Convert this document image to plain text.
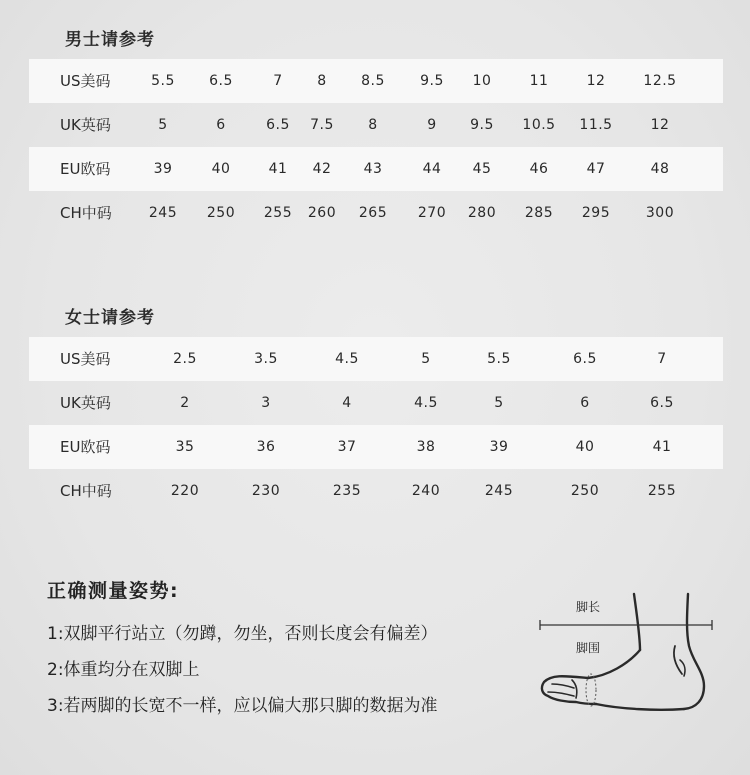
男士请参考
US美码	5.5 6.5	7 8 8.5	9.5 10	11	12	12.5
UK英码	5	6	6.5 7.5 8	9 9.5 10.5 11.5	12
EU欧码	39	40	41 42 43	44 45	46	47	48
CH中码	245 250 255 260 265 270 280 285 295	300
女士请参考
US美码	2.5	3.5	4.5	5	5.5	6.5	7
UK英码	2	3	4	4.5	5	6	6.5
EU欧码	35	36	37	38	39	40	41
CH中码	220	230	235	240	245	250	255
正确测量姿势:
1:双脚平行站立（勿蹲，勿坐，否则长度会有偏差）
2:体重均分在双脚上
3:若两脚的长宽不一样，应以偏大那只脚的数据为准
脚长
脚围
